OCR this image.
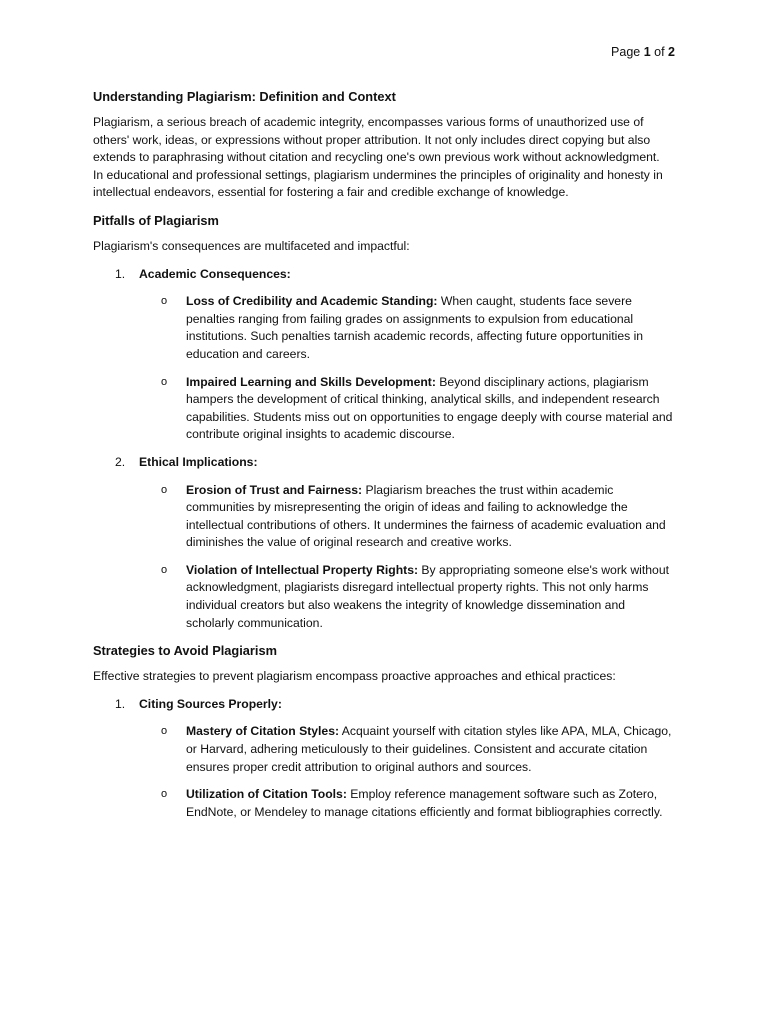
Page 1 of 2
Understanding Plagiarism: Definition and Context

Plagiarism, a serious breach of academic integrity, encompasses various forms of unauthorized use of others' work, ideas, or expressions without proper attribution. It not only includes direct copying but also extends to paraphrasing without citation and recycling one's own previous work without acknowledgment. In educational and professional settings, plagiarism undermines the principles of originality and honesty in intellectual endeavors, essential for fostering a fair and credible exchange of knowledge.

Pitfalls of Plagiarism

Plagiarism's consequences are multifaceted and impactful:

1. Academic Consequences:
o Loss of Credibility and Academic Standing: When caught, students face severe penalties ranging from failing grades on assignments to expulsion from educational institutions. Such penalties tarnish academic records, affecting future opportunities in education and careers.
o Impaired Learning and Skills Development: Beyond disciplinary actions, plagiarism hampers the development of critical thinking, analytical skills, and independent research capabilities. Students miss out on opportunities to engage deeply with course material and contribute original insights to academic discourse.
2. Ethical Implications:
o Erosion of Trust and Fairness: Plagiarism breaches the trust within academic communities by misrepresenting the origin of ideas and failing to acknowledge the intellectual contributions of others. It undermines the fairness of academic evaluation and diminishes the value of original research and creative works.
o Violation of Intellectual Property Rights: By appropriating someone else's work without acknowledgment, plagiarists disregard intellectual property rights. This not only harms individual creators but also weakens the integrity of knowledge dissemination and scholarly communication.
Strategies to Avoid Plagiarism

Effective strategies to prevent plagiarism encompass proactive approaches and ethical practices:

1. Citing Sources Properly:
o Mastery of Citation Styles: Acquaint yourself with citation styles like APA, MLA, Chicago, or Harvard, adhering meticulously to their guidelines. Consistent and accurate citation ensures proper credit attribution to original authors and sources.
o Utilization of Citation Tools: Employ reference management software such as Zotero, EndNote, or Mendeley to manage citations efficiently and format bibliographies correctly.
